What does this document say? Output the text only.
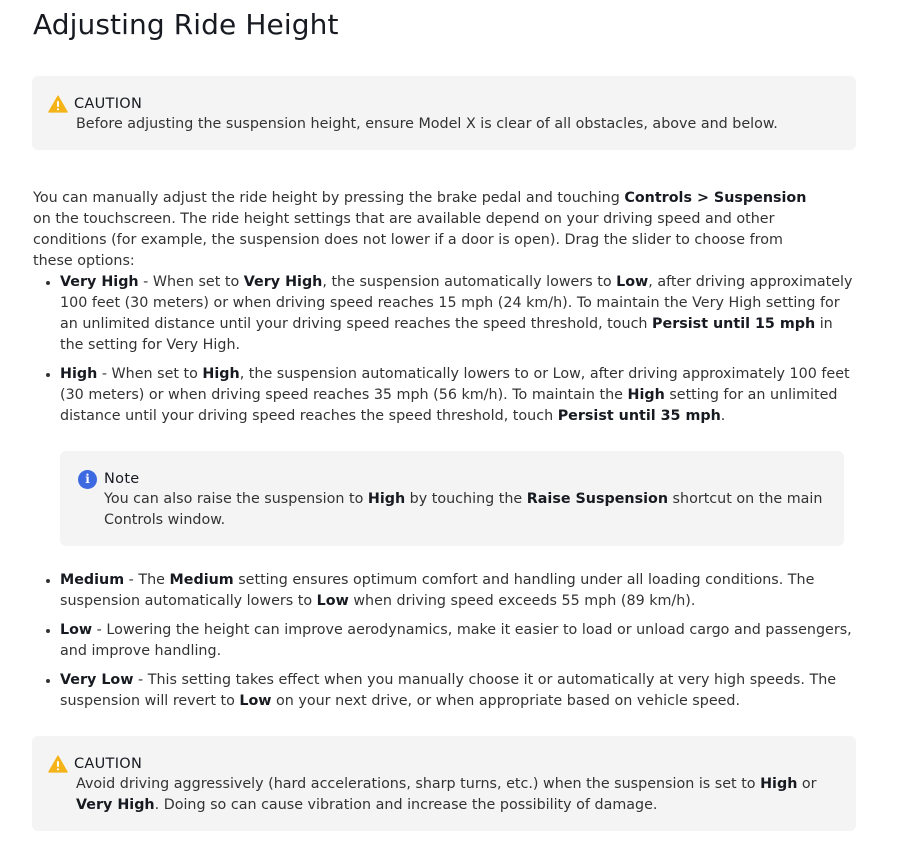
Adjusting Ride Height
CAUTION
Before adjusting the suspension height, ensure Model X is clear of all obstacles, above and below.
You can manually adjust the ride height by pressing the brake pedal and touching Controls > Suspension on the touchscreen. The ride height settings that are available depend on your driving speed and other conditions (for example, the suspension does not lower if a door is open). Drag the slider to choose from these options:
• Very High - When set to Very High, the suspension automatically lowers to Low, after driving approximately 100 feet (30 meters) or when driving speed reaches 15 mph (24 km/h). To maintain the Very High setting for an unlimited distance until your driving speed reaches the speed threshold, touch Persist until 15 mph in the setting for Very High.
• High - When set to High, the suspension automatically lowers to or Low, after driving approximately 100 feet (30 meters) or when driving speed reaches 35 mph (56 km/h). To maintain the High setting for an unlimited distance until your driving speed reaches the speed threshold, touch Persist until 35 mph.
i Note
You can also raise the suspension to High by touching the Raise Suspension shortcut on the main Controls window.
• Medium - The Medium setting ensures optimum comfort and handling under all loading conditions. The suspension automatically lowers to Low when driving speed exceeds 55 mph (89 km/h).
• Low - Lowering the height can improve aerodynamics, make it easier to load or unload cargo and passengers, and improve handling.
• Very Low - This setting takes effect when you manually choose it or automatically at very high speeds. The suspension will revert to Low on your next drive, or when appropriate based on vehicle speed.
CAUTION
Avoid driving aggressively (hard accelerations, sharp turns, etc.) when the suspension is set to High or Very High. Doing so can cause vibration and increase the possibility of damage.
